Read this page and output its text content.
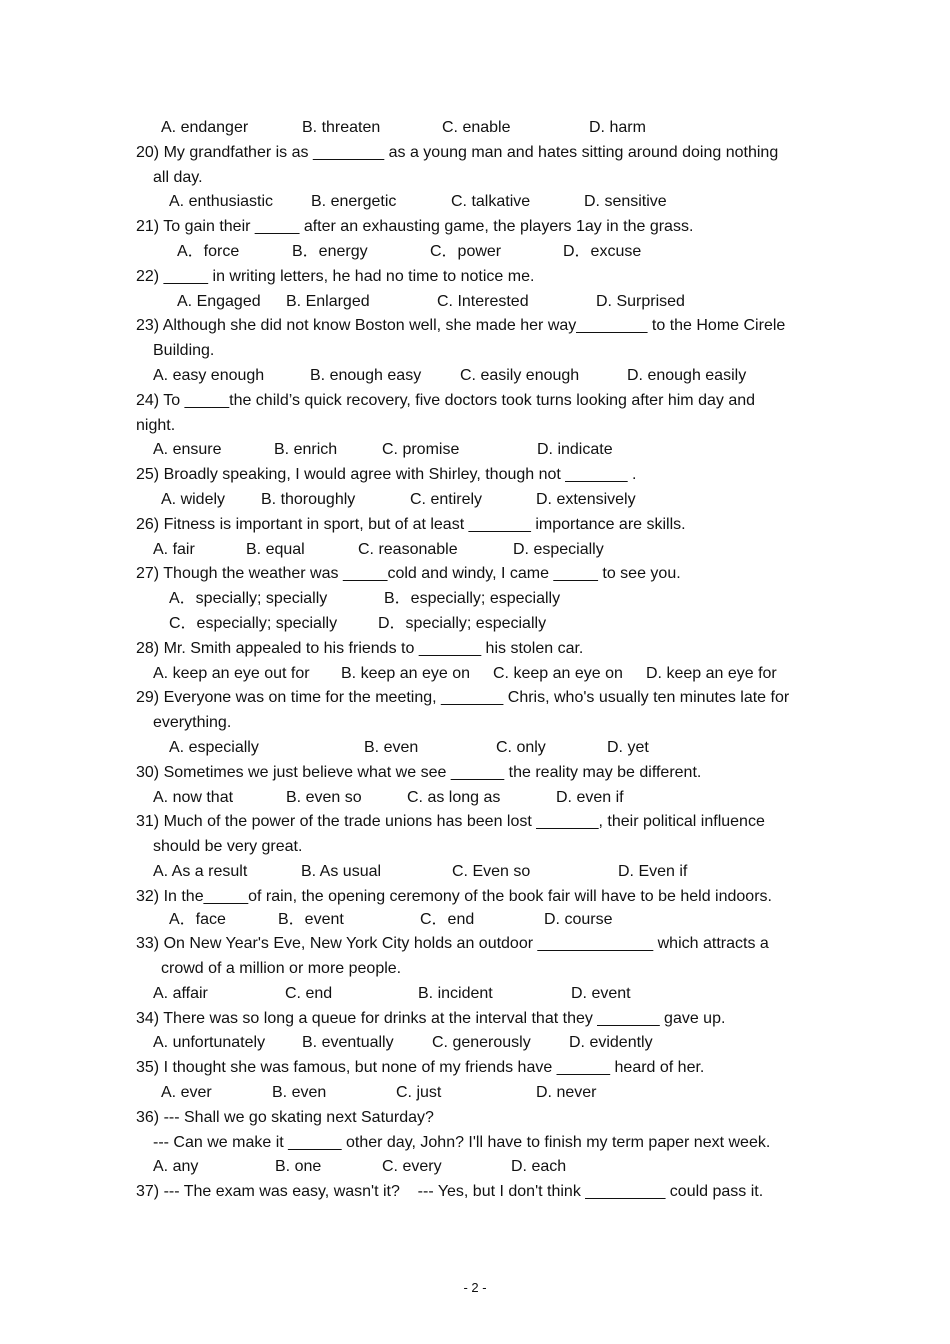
A. endanger	B. threaten	C. enable	D. harm
20) My grandfather is as ________ as a young man and hates sitting around doing nothing
all day.
A. enthusiastic B. energetic	C. talkative	D. sensitive
21) To gain their _____ after an exhausting game, the players 1ay in the grass.
A．force	B．energy	C．power	D．excuse
22) _____ in writing letters, he had no time to notice me.
A. Engaged B. Enlarged	C. Interested	D. Surprised
23) Although she did not know Boston well, she made her way________ to the Home Cirele
Building.
A. easy enough	B. enough easy C. easily enough	D. enough easily
24) To _____the child’s quick recovery, five doctors took turns looking after him day and
night.
A. ensure	B. enrich	C. promise	D. indicate
25) Broadly speaking, I would agree with Shirley, though not _______ .
A. widely B. thoroughly	C. entirely	D. extensively
26) Fitness is important in sport, but of at least _______ importance are skills.
A. fair	B. equal	C. reasonable	D. especially
27) Though the weather was _____cold and windy, I came _____ to see you.
A．specially; specially	B．especially; especially
C．especially; specially	D．specially; especially
28) Mr. Smith appealed to his friends to _______ his stolen car.
A. keep an eye out for B. keep an eye on C. keep an eye on D. keep an eye for
29) Everyone was on time for the meeting, _______ Chris, who's usually ten minutes late for
everything.
A. especially	B. even	C. only	D. yet
30) Sometimes we just believe what we see ______ the reality may be different.
A. now that	B. even so	C. as long as	D. even if
31) Much of the power of the trade unions has been lost _______, their political influence
should be very great.
A. As a result	B. As usual	C. Even so	D. Even if
32) In the_____of rain, the opening ceremony of the book fair will have to be held indoors.
A．face	B．event	C．end	D. course
33) On New Year's Eve, New York City holds an outdoor _____________ which attracts a
crowd of a million or more people.
A. affair	C. end	B. incident	D. event
34) There was so long a queue for drinks at the interval that they _______ gave up.
A. unfortunately B. eventually C. generously D. evidently
35) I thought she was famous, but none of my friends have ______ heard of her.
A. ever	B. even	C. just	D. never
36) --- Shall we go skating next Saturday?
--- Can we make it ______ other day, John? I'll have to finish my term paper next week.
A. any	B. one	C. every	D. each
37) --- The exam was easy, wasn't it?    --- Yes, but I don't think _________ could pass it.
- 2 -
